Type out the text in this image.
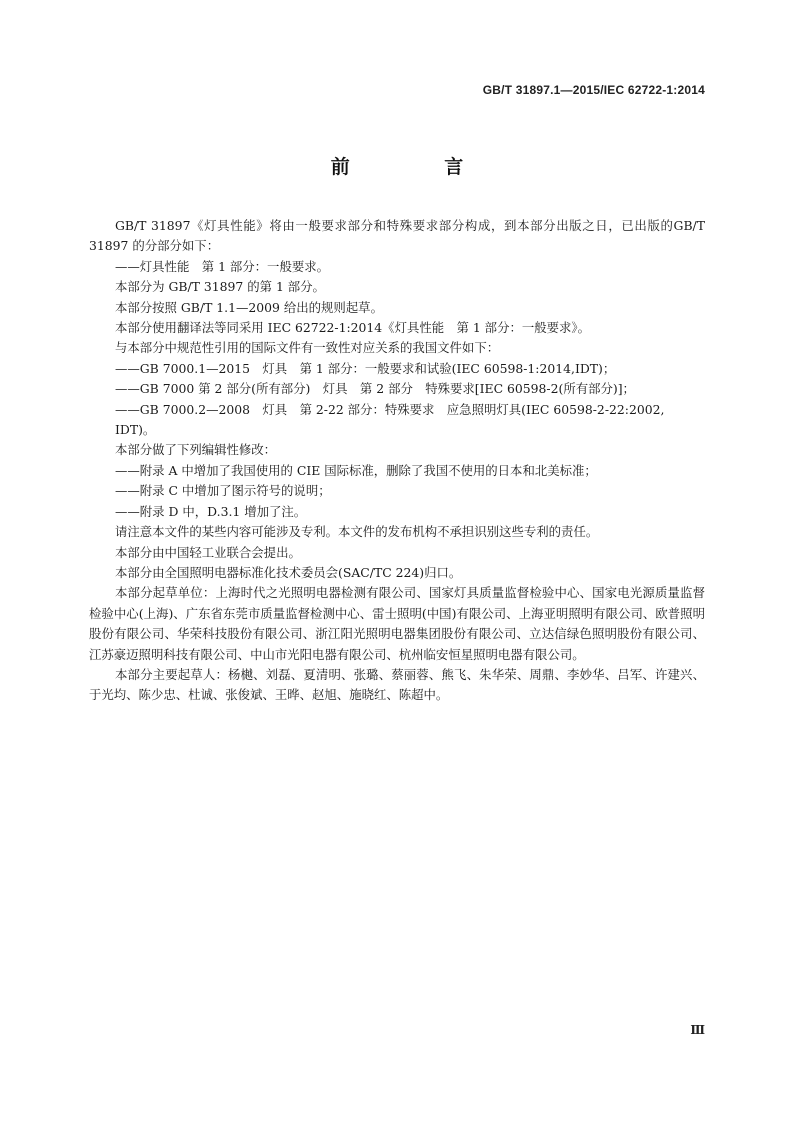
GB/T 31897.1—2015/IEC 62722-1:2014
前 言

GB/T 31897《灯具性能》将由一般要求部分和特殊要求部分构成，到本部分出版之日，已出版的GB/T 31897 的分部分如下：

——灯具性能　第 1 部分：一般要求。

本部分为 GB/T 31897 的第 1 部分。

本部分按照 GB/T 1.1—2009 给出的规则起草。

本部分使用翻译法等同采用 IEC 62722-1:2014《灯具性能　第 1 部分：一般要求》。

与本部分中规范性引用的国际文件有一致性对应关系的我国文件如下：

——GB 7000.1—2015　灯具　第 1 部分：一般要求和试验(IEC 60598-1:2014,IDT)；

——GB 7000 第 2 部分(所有部分)　灯具　第 2 部分　特殊要求[IEC 60598-2(所有部分)]；

——GB 7000.2—2008　灯具　第 2-22 部分：特殊要求　应急照明灯具(IEC 60598-2-22:2002,

IDT)。

本部分做了下列编辑性修改：

——附录 A 中增加了我国使用的 CIE 国际标准，删除了我国不使用的日本和北美标准；

——附录 C 中增加了图示符号的说明；

——附录 D 中，D.3.1 增加了注。

请注意本文件的某些内容可能涉及专利。本文件的发布机构不承担识别这些专利的责任。

本部分由中国轻工业联合会提出。

本部分由全国照明电器标准化技术委员会(SAC/TC 224)归口。

本部分起草单位：上海时代之光照明电器检测有限公司、国家灯具质量监督检验中心、国家电光源质量监督检验中心(上海)、广东省东莞市质量监督检测中心、雷士照明(中国)有限公司、上海亚明照明有限公司、欧普照明股份有限公司、华荣科技股份有限公司、浙江阳光照明电器集团股份有限公司、立达信绿色照明股份有限公司、江苏豪迈照明科技有限公司、中山市光阳电器有限公司、杭州临安恒星照明电器有限公司。

本部分主要起草人：杨樾、刘磊、夏清明、张璐、蔡丽蓉、熊飞、朱华荣、周鼎、李妙华、吕军、许建兴、于光均、陈少忠、杜诚、张俊斌、王晔、赵旭、施晓红、陈超中。

Ⅲ
